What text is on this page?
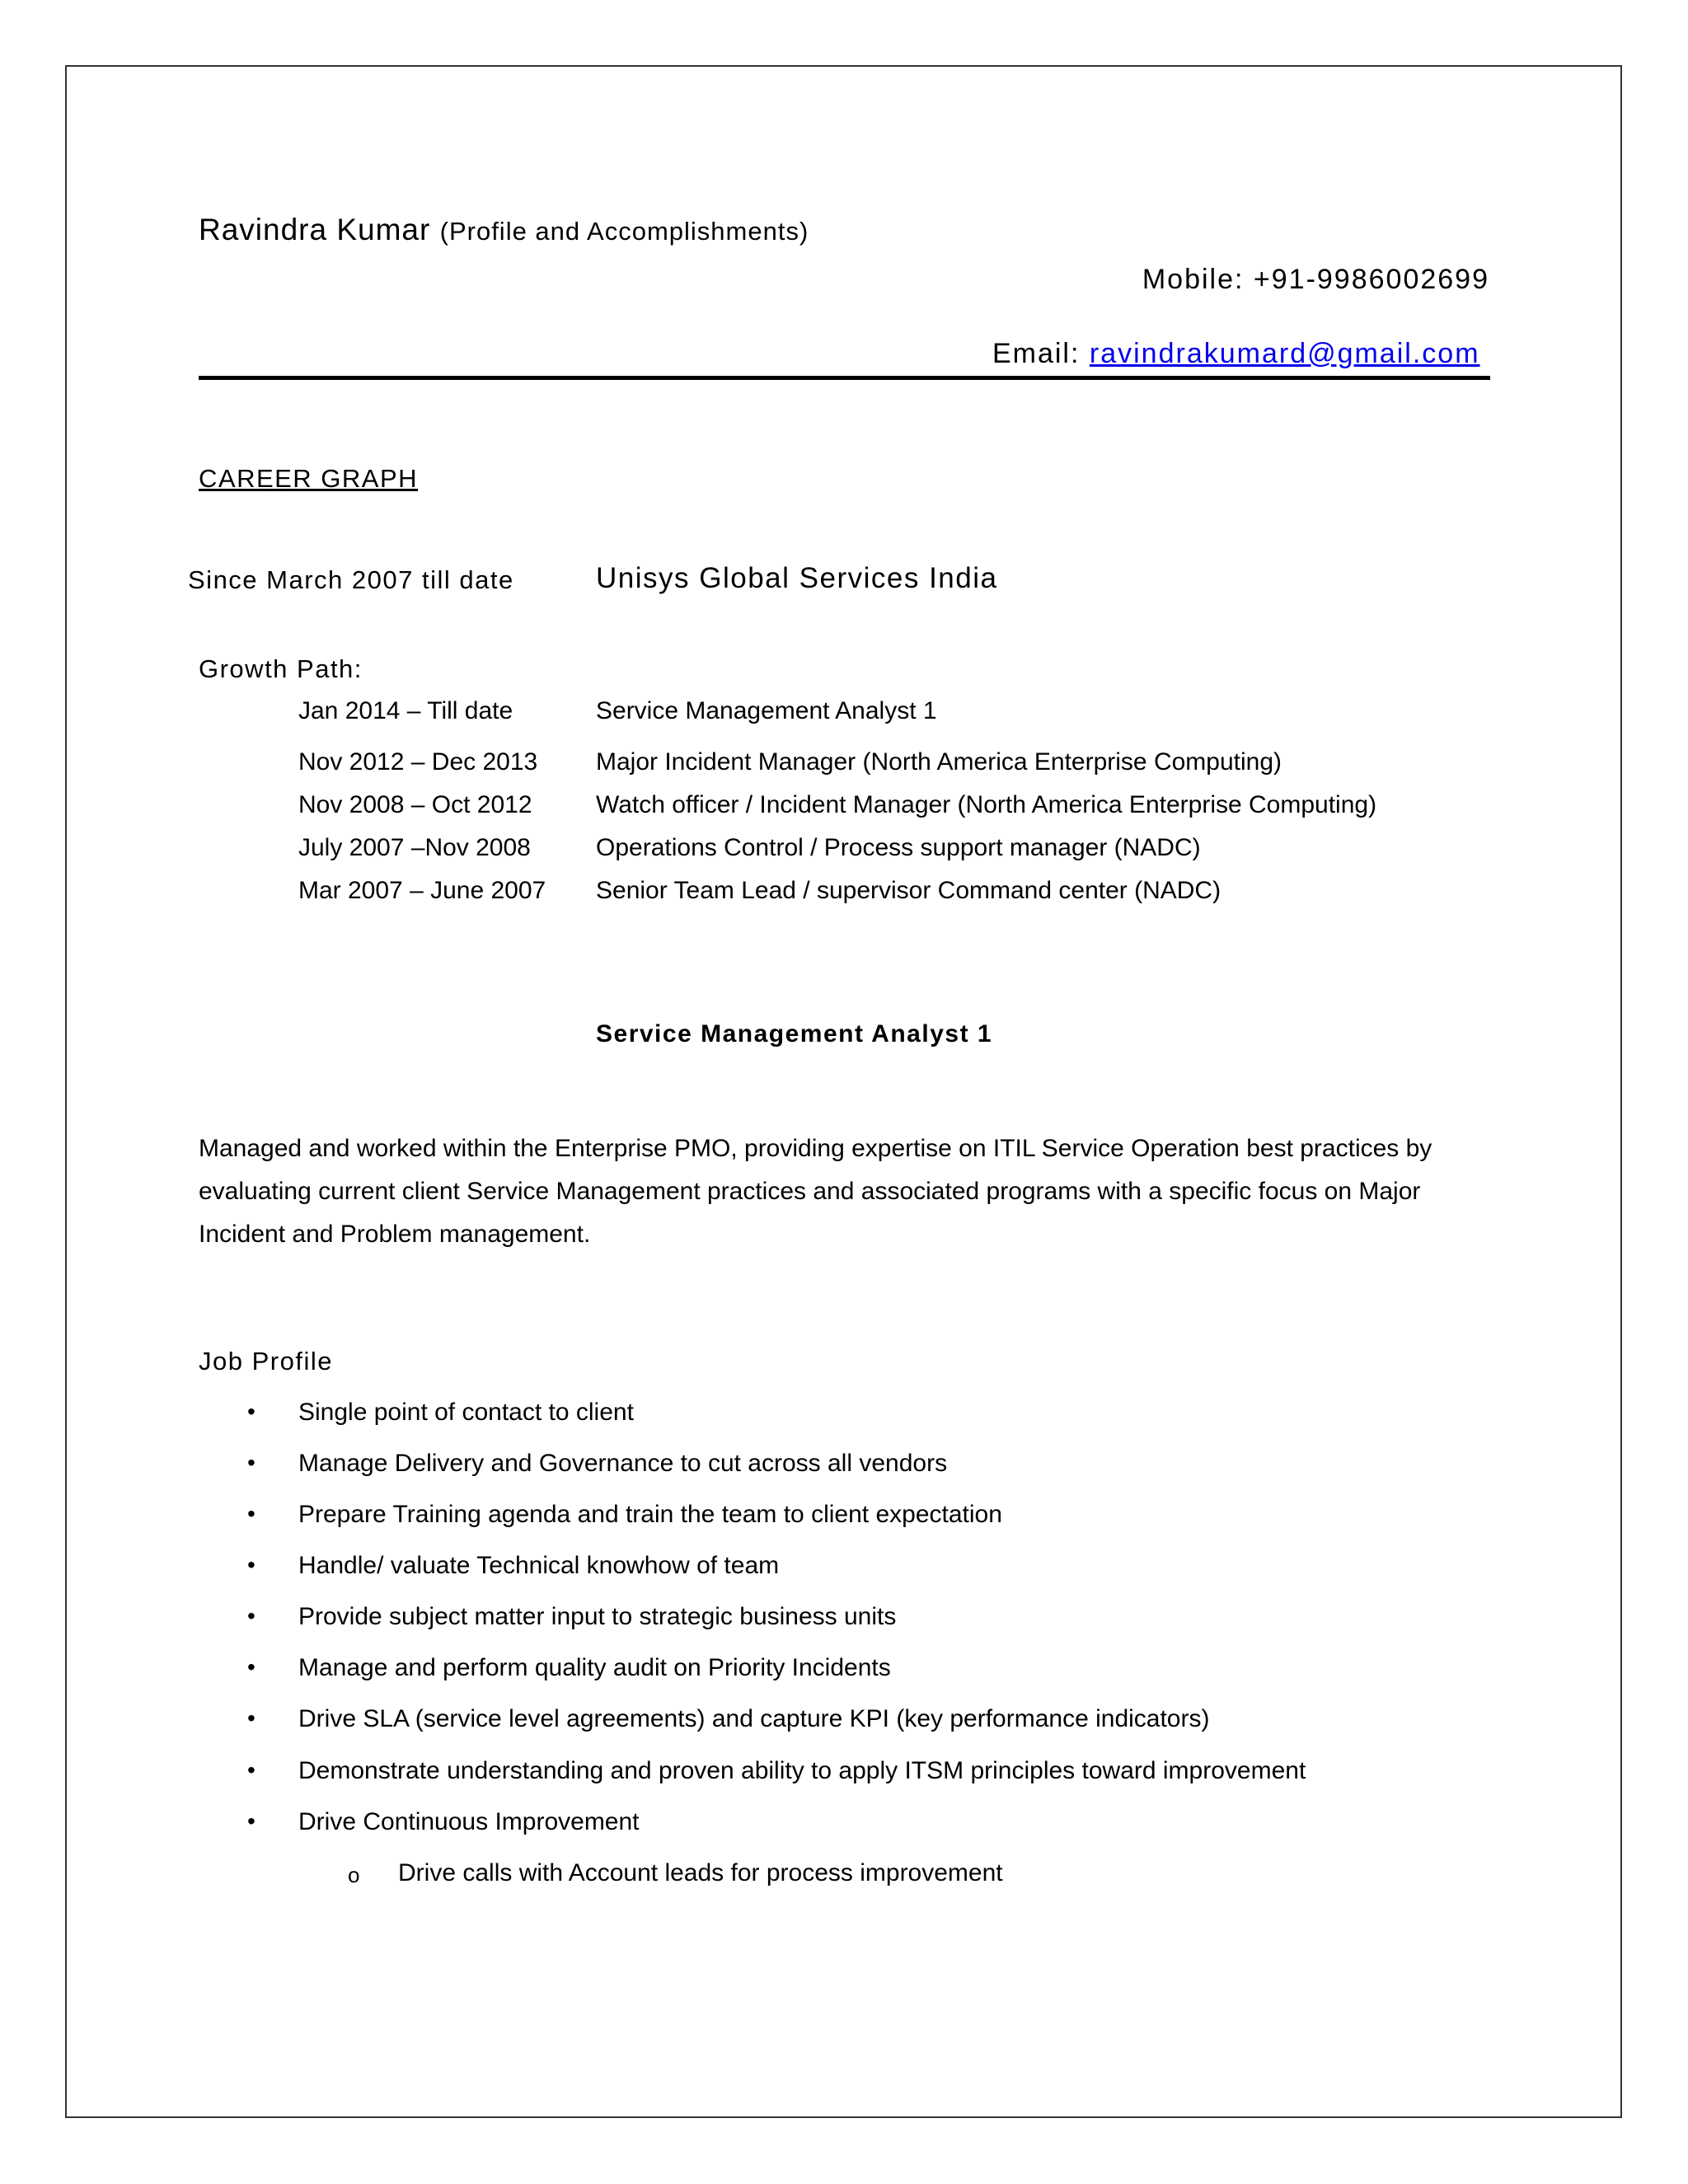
Ravindra Kumar (Profile and Accomplishments)
Mobile: +91-9986002699
Email: ravindrakumard@gmail.com
CAREER GRAPH
Since March 2007 till date	Unisys Global Services India
Growth Path:
Jan 2014 – Till date	Service Management Analyst 1
Nov 2012 – Dec 2013 Major Incident Manager (North America Enterprise Computing)
Nov 2008 – Oct 2012	Watch officer / Incident Manager (North America Enterprise Computing)
July 2007 –Nov 2008	Operations Control / Process support manager (NADC)
Mar 2007 – June 2007 Senior Team Lead / supervisor Command center (NADC)
Service Management Analyst 1
Managed and worked within the Enterprise PMO, providing expertise on ITIL Service Operation best practices by evaluating current client Service Management practices and associated programs with a specific focus on Major Incident and Problem management.
Job Profile
•	Single point of contact to client
•	Manage Delivery and Governance to cut across all vendors
•	Prepare Training agenda and train the team to client expectation
•	Handle/ valuate Technical knowhow of team
•	Provide subject matter input to strategic business units
•	Manage and perform quality audit on Priority Incidents
•	Drive SLA (service level agreements) and capture KPI (key performance indicators)
•	Demonstrate understanding and proven ability to apply ITSM principles toward improvement
•	Drive Continuous Improvement
o Drive calls with Account leads for process improvement
